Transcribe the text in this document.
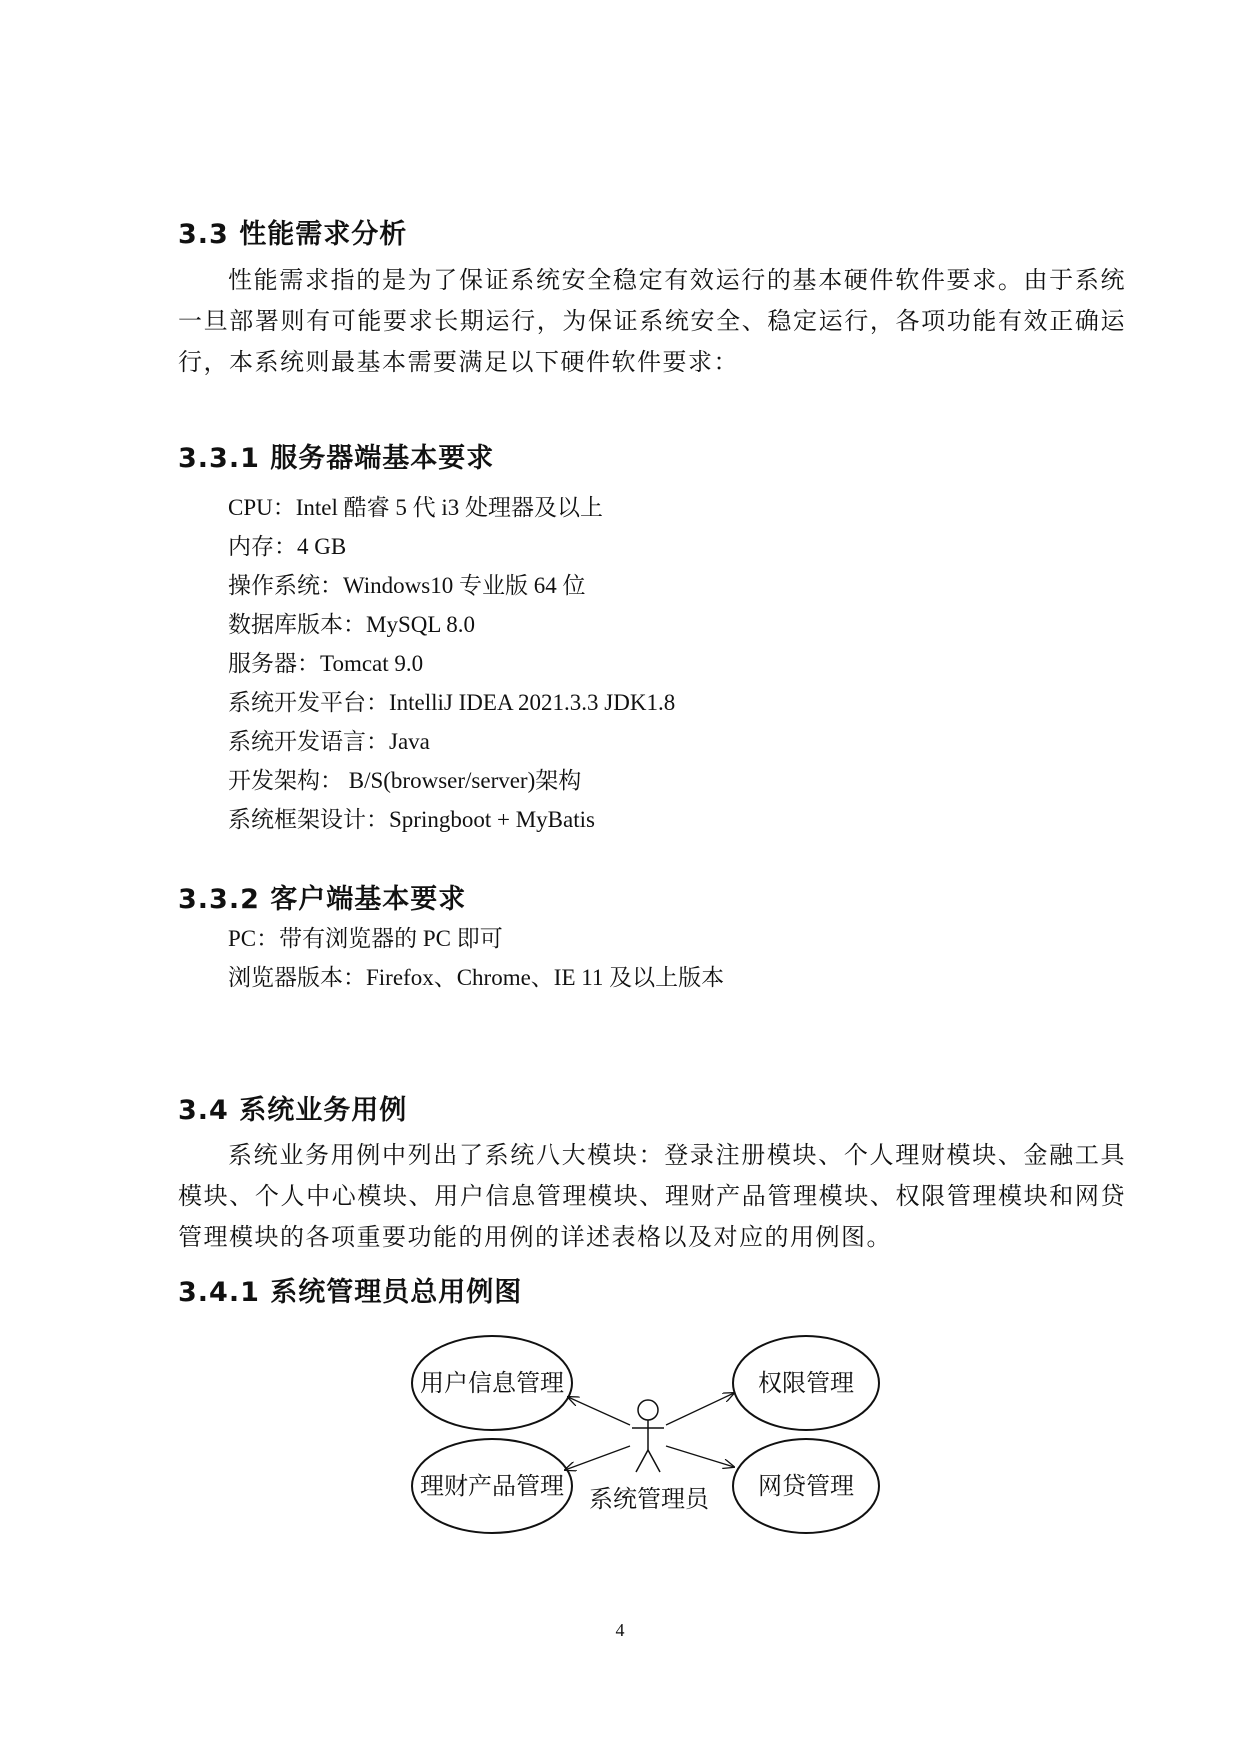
3.3 性能需求分析

性能需求指的是为了保证系统安全稳定有效运行的基本硬件软件要求。由于系统一旦部署则有可能要求长期运行，为保证系统安全、稳定运行，各项功能有效正确运行，本系统则最基本需要满足以下硬件软件要求：

3.3.1 服务器端基本要求
CPU：Intel 酷睿 5 代 i3 处理器及以上
内存：4 GB
操作系统：Windows10 专业版 64 位
数据库版本：MySQL 8.0
服务器：Tomcat 9.0
系统开发平台：IntelliJ IDEA 2021.3.3 JDK1.8
系统开发语言：Java
开发架构： B/S(browser/server)架构
系统框架设计：Springboot + MyBatis
3.3.2 客户端基本要求
PC：带有浏览器的 PC 即可
浏览器版本：Firefox、Chrome、IE 11 及以上版本
3.4 系统业务用例

系统业务用例中列出了系统八大模块：登录注册模块、个人理财模块、金融工具模块、个人中心模块、用户信息管理模块、理财产品管理模块、权限管理模块和网贷管理模块的各项重要功能的用例的详述表格以及对应的用例图。

3.4.1 系统管理员总用例图
用户信息管理	权限管理
理财产品管理	网贷管理
系统管理员
4
